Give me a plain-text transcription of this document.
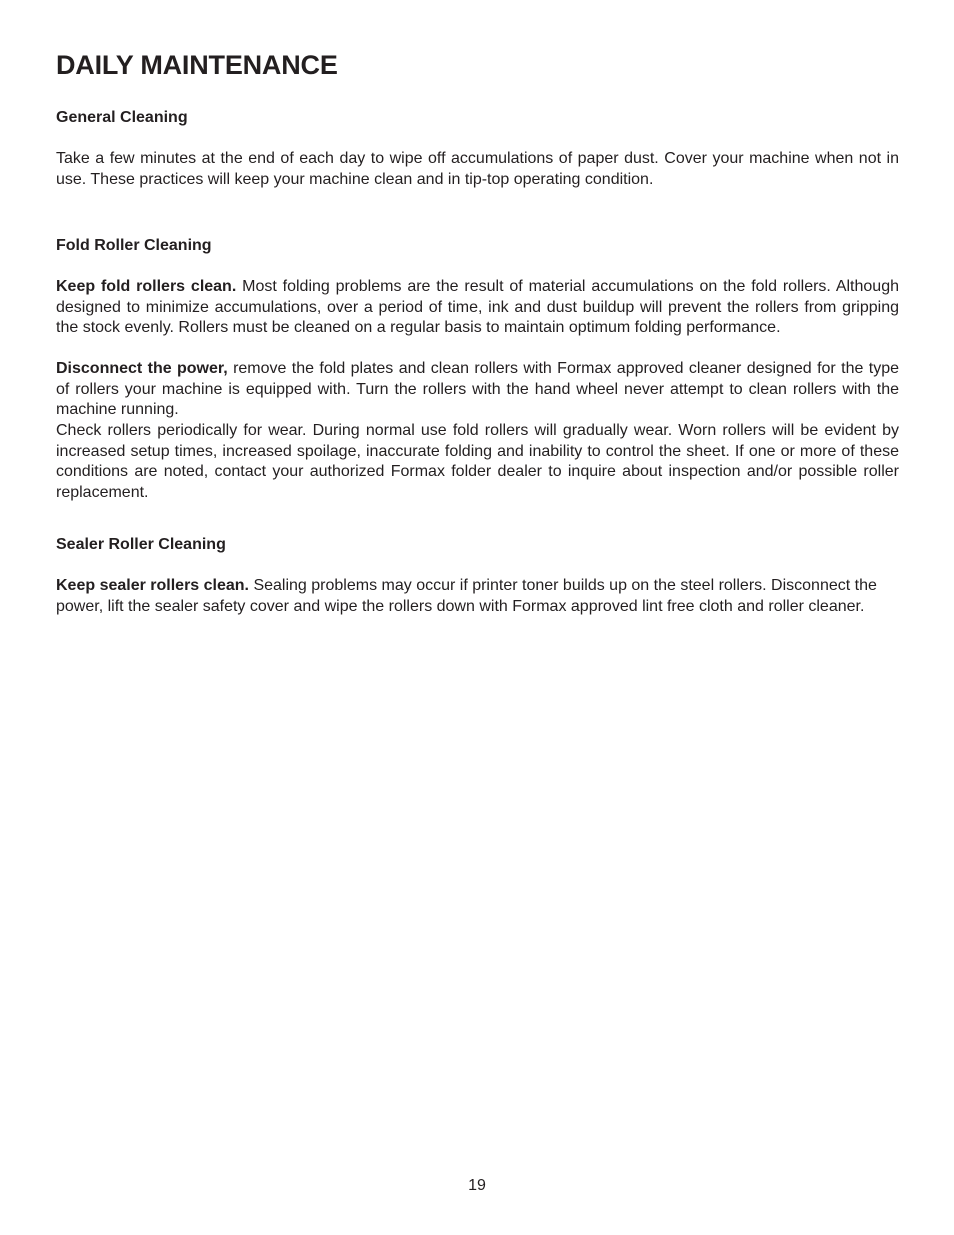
DAILY MAINTENANCE
General Cleaning

Take a few minutes at the end of each day to wipe off accumulations of paper dust. Cover your machine when not in use. These practices will keep your machine clean and in tip-top operating condition.

Fold Roller Cleaning

Keep fold rollers clean. Most folding problems are the result of material accumulations on the fold rollers. Although designed to minimize accumulations, over a period of time, ink and dust buildup will prevent the rollers from gripping the stock evenly. Rollers must be cleaned on a regular basis to maintain optimum folding performance.

Disconnect the power, remove the fold plates and clean rollers with Formax approved cleaner designed for the type of rollers your machine is equipped with. Turn the rollers with the hand wheel never attempt to clean rollers with the machine running.

Check rollers periodically for wear. During normal use fold rollers will gradually wear. Worn rollers will be evident by increased setup times, increased spoilage, inaccurate folding and inability to control the sheet. If one or more of these conditions are noted, contact your authorized Formax folder dealer to inquire about inspection and/or possible roller replacement.

Sealer Roller Cleaning

Keep sealer rollers clean. Sealing problems may occur if printer toner builds up on the steel rollers. Disconnect the power, lift the sealer safety cover and wipe the rollers down with Formax approved lint free cloth and roller cleaner.

19
